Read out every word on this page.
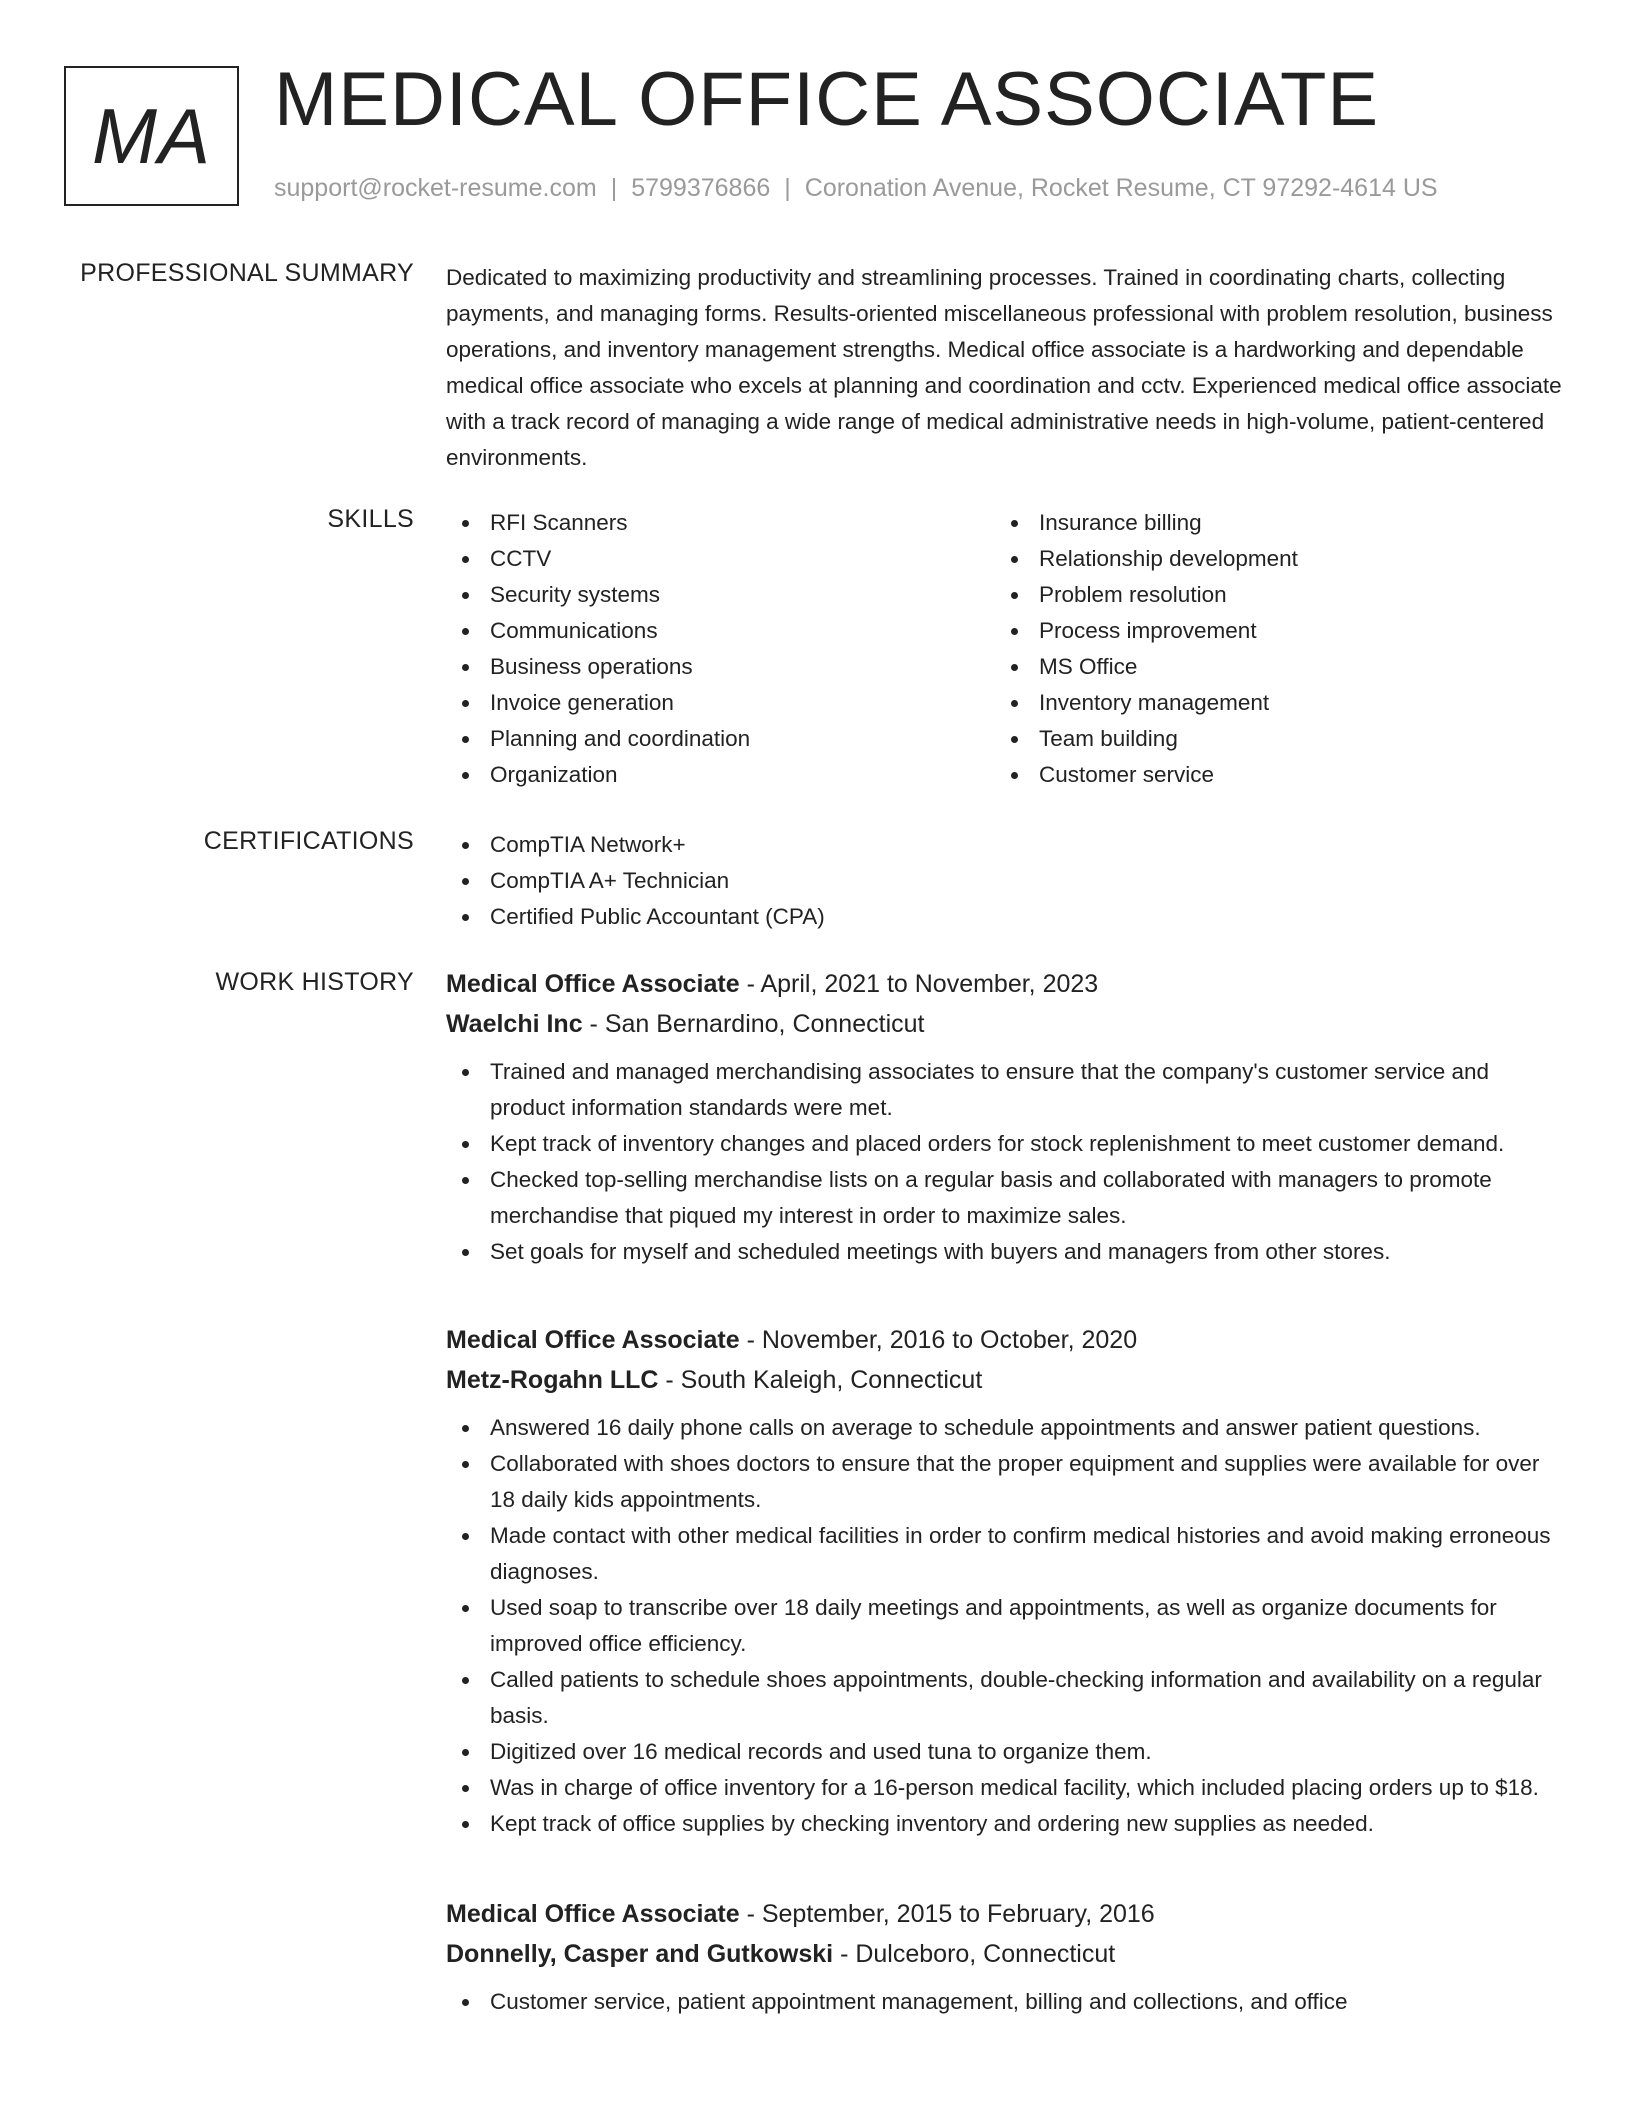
MA MEDICAL OFFICE ASSOCIATE
support@rocket-resume.com | 5799376866 | Coronation Avenue, Rocket Resume, CT 97292-4614 US
PROFESSIONAL SUMMARY Dedicated to maximizing productivity and streamlining processes. Trained in coordinating charts, collecting payments, and managing forms. Results-oriented miscellaneous professional with problem resolution, business operations, and inventory management strengths. Medical office associate is a hardworking and dependable medical office associate who excels at planning and coordination and cctv. Experienced medical office associate with a track record of managing a wide range of medical administrative needs in high-volume, patient-centered environments.

SKILLS	RFI Scanners
CCTV
Security systems
Communications
Business operations
Invoice generation
Planning and coordination
Organization
Insurance billing
Relationship development
Problem resolution
Process improvement
MS Office
Inventory management
Team building
Customer service
CERTIFICATIONS	CompTIA Network+
CompTIA A+ Technician
Certified Public Accountant (CPA)
WORK HISTORY Medical Office Associate - April, 2021 to November, 2023
Waelchi Inc - San Bernardino, Connecticut
Trained and managed merchandising associates to ensure that the company's customer service and product information standards were met.
Kept track of inventory changes and placed orders for stock replenishment to meet customer demand.
Checked top-selling merchandise lists on a regular basis and collaborated with managers to promote merchandise that piqued my interest in order to maximize sales.
Set goals for myself and scheduled meetings with buyers and managers from other stores.
Medical Office Associate - November, 2016 to October, 2020
Metz-Rogahn LLC - South Kaleigh, Connecticut
Answered 16 daily phone calls on average to schedule appointments and answer patient questions.
Collaborated with shoes doctors to ensure that the proper equipment and supplies were available for over 18 daily kids appointments.
Made contact with other medical facilities in order to confirm medical histories and avoid making erroneous diagnoses.
Used soap to transcribe over 18 daily meetings and appointments, as well as organize documents for improved office efficiency.
Called patients to schedule shoes appointments, double-checking information and availability on a regular basis.
Digitized over 16 medical records and used tuna to organize them.
Was in charge of office inventory for a 16-person medical facility, which included placing orders up to $18.
Kept track of office supplies by checking inventory and ordering new supplies as needed.
Medical Office Associate - September, 2015 to February, 2016
Donnelly, Casper and Gutkowski - Dulceboro, Connecticut
Customer service, patient appointment management, billing and collections, and office
